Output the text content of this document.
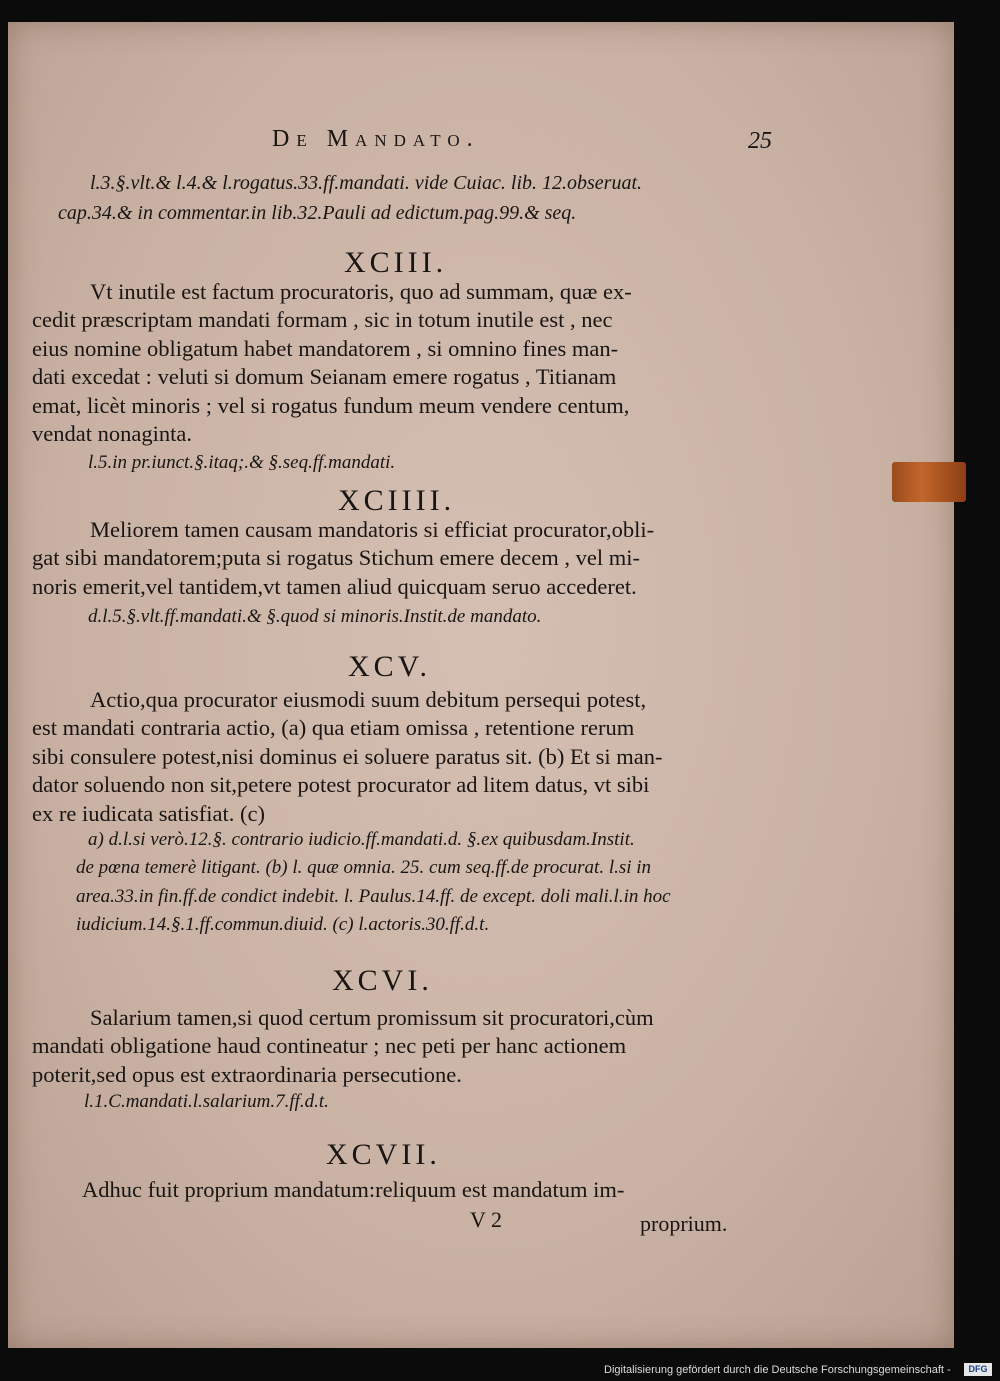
De Mandato.	25
l.3.§.vlt.& l.4.& l.rogatus.33.ff.mandati. vide Cuiac. lib. 12.obseruat.
cap.34.& in commentar.in lib.32.Pauli ad edictum.pag.99.& seq.
XCIII.
Vt inutile est factum procuratoris, quo ad summam, quæ ex-
cedit præscriptam mandati formam , sic in totum inutile est , nec
eius nomine obligatum habet mandatorem , si omnino fines man-
dati excedat : veluti si domum Seianam emere rogatus , Titianam
emat, licèt minoris ; vel si rogatus fundum meum vendere centum,
vendat nonaginta.
l.5.in pr.iunct.§.itaq;.& §.seq.ff.mandati.
XCIIII.
Meliorem tamen causam mandatoris si efficiat procurator,obli-
gat sibi mandatorem;puta si rogatus Stichum emere decem , vel mi-
noris emerit,vel tantidem,vt tamen aliud quicquam seruo accederet.
d.l.5.§.vlt.ff.mandati.& §.quod si minoris.Instit.de mandato.
XCV.
Actio,qua procurator eiusmodi suum debitum persequi potest,
est mandati contraria actio, (a) qua etiam omissa , retentione rerum
sibi consulere potest,nisi dominus ei soluere paratus sit. (b) Et si man-
dator soluendo non sit,petere potest procurator ad litem datus, vt sibi
ex re iudicata satisfiat. (c)
a) d.l.si verò.12.§. contrario iudicio.ff.mandati.d. §.ex quibusdam.Instit.
de pœna temerè litigant. (b) l. quæ omnia. 25. cum seq.ff.de procurat. l.si in
area.33.in fin.ff.de condict indebit. l. Paulus.14.ff. de except. doli mali.l.in hoc
iudicium.14.§.1.ff.commun.diuid. (c) l.actoris.30.ff.d.t.
XCVI.
Salarium tamen,si quod certum promissum sit procuratori,cùm
mandati obligatione haud contineatur ; nec peti per hanc actionem
poterit,sed opus est extraordinaria persecutione.
l.1.C.mandati.l.salarium.7.ff.d.t.
XCVII.
Adhuc fuit proprium mandatum:reliquum est mandatum im-
V 2	proprium.
Digitalisierung gefördert durch die Deutsche Forschungsgemeinschaft -	DFG
